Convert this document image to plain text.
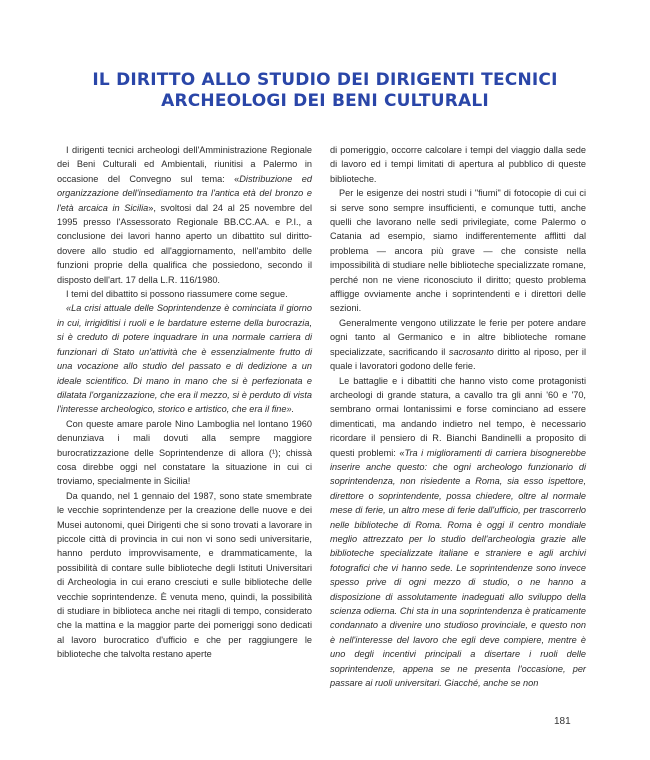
IL DIRITTO ALLO STUDIO DEI DIRIGENTI TECNICI
ARCHEOLOGI DEI BENI CULTURALI

I dirigenti tecnici archeologi dell'Amministrazione Regionale dei Beni Culturali ed Ambientali, riunitisi a Palermo in occasione del Convegno sul tema: «Distribuzione ed organizzazione dell'insediamento tra l'antica età del bronzo e l'età arcaica in Sicilia», svoltosi dal 24 al 25 novembre del 1995 presso l'Assessorato Regionale BB.CC.AA. e P.I., a conclusione dei lavori hanno aperto un dibattito sul diritto-dovere allo studio ed all'aggiornamento, nell'ambito delle funzioni proprie della qualifica che possiedono, secondo il disposto dell'art. 17 della L.R. 116/1980.

I temi del dibattito si possono riassumere come segue.

«La crisi attuale delle Soprintendenze è cominciata il giorno in cui, irrigiditisi i ruoli e le bardature esterne della burocrazia, si è creduto di potere inquadrare in una normale carriera di funzionari di Stato un'attività che è essenzialmente frutto di una vocazione allo studio del passato e di dedizione a un ideale scientifico. Di mano in mano che si è perfezionata e dilatata l'organizzazione, che era il mezzo, si è perduto di vista l'interesse archeologico, storico e artistico, che era il fine».

Con queste amare parole Nino Lamboglia nel lontano 1960 denunziava i mali dovuti alla sempre maggiore burocratizzazione delle Soprintendenze di allora (¹); chissà cosa direbbe oggi nel constatare la situazione in cui ci troviamo, specialmente in Sicilia!

Da quando, nel 1 gennaio del 1987, sono state smembrate le vecchie soprintendenze per la creazione delle nuove e dei Musei autonomi, quei Dirigenti che si sono trovati a lavorare in piccole città di provincia in cui non vi sono sedi universitarie, hanno perduto improvvisamente, e drammaticamente, la possibilità di contare sulle biblioteche degli Istituti Universitari di Archeologia in cui erano cresciuti e sulle biblioteche delle vecchie soprintendenze. È venuta meno, quindi, la possibilità di studiare in biblioteca anche nei ritagli di tempo, considerato che la mattina e la maggior parte dei pomeriggi sono dedicati al lavoro burocratico d'ufficio e che per raggiungere le biblioteche che talvolta restano aperte

di pomeriggio, occorre calcolare i tempi del viaggio dalla sede di lavoro ed i tempi limitati di apertura al pubblico di queste biblioteche.

Per le esigenze dei nostri studi i "fiumi" di fotocopie di cui ci si serve sono sempre insufficienti, e comunque tutti, anche quelli che lavorano nelle sedi privilegiate, come Palermo o Catania ad esempio, siamo indifferentemente afflitti dal problema — ancora più grave — che consiste nella impossibilità di studiare nelle biblioteche specializzate romane, perché non ne viene riconosciuto il diritto; questo problema affligge ovviamente anche i soprintendenti e i direttori delle sezioni.

Generalmente vengono utilizzate le ferie per potere andare ogni tanto al Germanico e in altre biblioteche romane specializzate, sacrificando il sacrosanto diritto al riposo, per il quale i lavoratori godono delle ferie.

Le battaglie e i dibattiti che hanno visto come protagonisti archeologi di grande statura, a cavallo tra gli anni '60 e '70, sembrano ormai lontanissimi e forse cominciano ad essere dimenticati, ma andando indietro nel tempo, è necessario ricordare il pensiero di R. Bianchi Bandinelli a proposito di questi problemi: «Tra i miglioramenti di carriera bisognerebbe inserire anche questo: che ogni archeologo funzionario di soprintendenza, non risiedente a Roma, sia esso ispettore, direttore o soprintendente, possa chiedere, oltre al normale mese di ferie, un altro mese di ferie dall'ufficio, per trascorrerlo nelle biblioteche di Roma. Roma è oggi il centro mondiale meglio attrezzato per lo studio dell'archeologia grazie alle biblioteche specializzate italiane e straniere e agli archivi fotografici che vi hanno sede. Le soprintendenze sono invece spesso prive di ogni mezzo di studio, o ne hanno a disposizione di assolutamente inadeguati allo sviluppo della scienza odierna. Chi sta in una soprintendenza è praticamente condannato a divenire uno studioso provinciale, e questo non è nell'interesse del lavoro che egli deve compiere, mentre è uno degli incentivi principali a disertare i ruoli delle soprintendenze, appena se ne presenta l'occasione, per passare ai ruoli universitari. Giacché, anche se non

181
